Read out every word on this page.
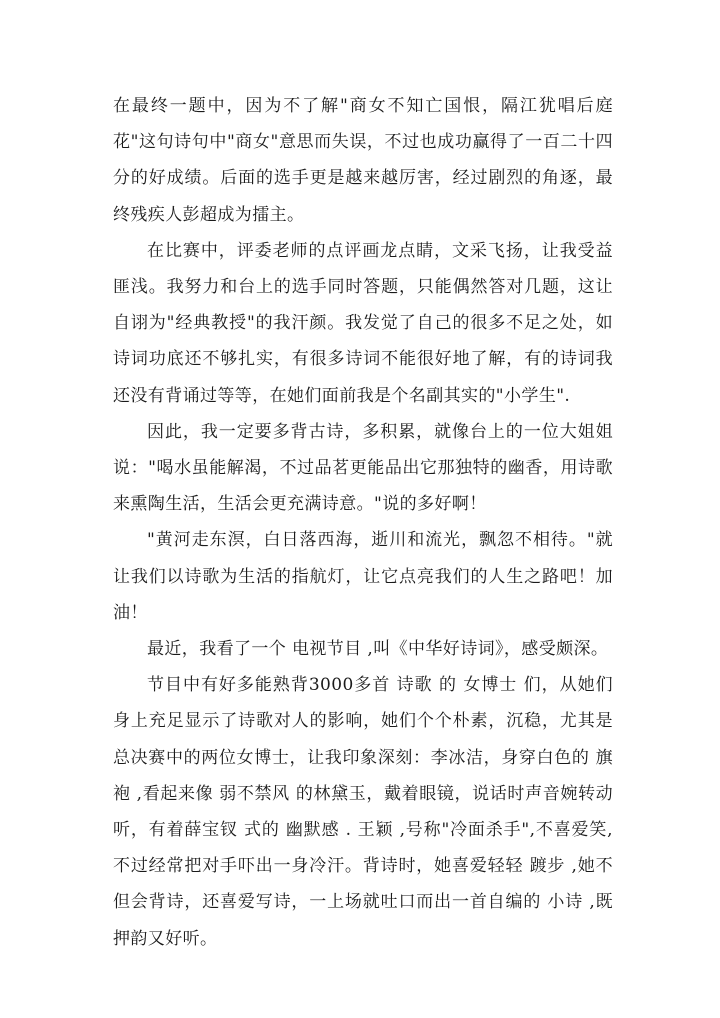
在最终一题中，因为不了解"商女不知亡国恨，隔江犹唱后庭花"这句诗句中"商女"意思而失误，不过也成功赢得了一百二十四分的好成绩。后面的选手更是越来越厉害，经过剧烈的角逐，最终残疾人彭超成为擂主。

在比赛中，评委老师的点评画龙点睛，文采飞扬，让我受益匪浅。我努力和台上的选手同时答题，只能偶然答对几题，这让自诩为"经典教授"的我汗颜。我发觉了自己的很多不足之处，如诗词功底还不够扎实，有很多诗词不能很好地了解，有的诗词我还没有背诵过等等，在她们面前我是个名副其实的"小学生".

因此，我一定要多背古诗，多积累，就像台上的一位大姐姐说："喝水虽能解渴，不过品茗更能品出它那独特的幽香，用诗歌来熏陶生活，生活会更充满诗意。"说的多好啊！

"黄河走东溟，白日落西海，逝川和流光，飘忽不相待。"就让我们以诗歌为生活的指航灯，让它点亮我们的人生之路吧！加油！

最近，我看了一个 电视节目 ,叫《中华好诗词》，感受颇深。

节目中有好多能熟背3000多首 诗歌 的 女博士 们，从她们身上充足显示了诗歌对人的影响，她们个个朴素，沉稳，尤其是总决赛中的两位女博士，让我印象深刻：李冰洁，身穿白色的 旗袍 ,看起来像 弱不禁风 的林黛玉，戴着眼镜，说话时声音婉转动听，有着薛宝钗 式的 幽默感 . 王颖 ,号称"冷面杀手",不喜爱笑,不过经常把对手吓出一身冷汗。背诗时，她喜爱轻轻 踱步 ,她不但会背诗，还喜爱写诗，一上场就吐口而出一首自编的 小诗 ,既押韵又好听。
